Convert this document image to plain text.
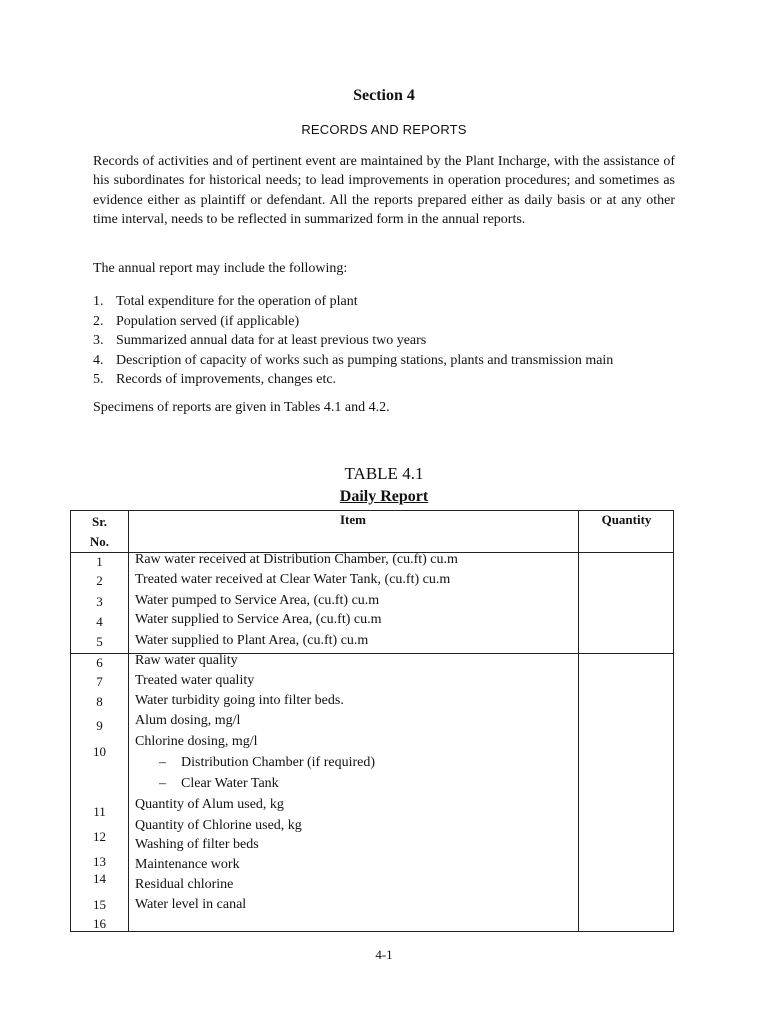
Section 4
RECORDS AND REPORTS

Records of activities and of pertinent event are maintained by the Plant Incharge, with the assistance of his subordinates for historical needs; to lead improvements in operation procedures; and sometimes as evidence either as plaintiff or defendant. All the reports prepared either as daily basis or at any other time interval, needs to be reflected in summarized form in the annual reports.

The annual report may include the following:

1. Total expenditure for the operation of plant
2. Population served (if applicable)
3. Summarized annual data for at least previous two years
4. Description of capacity of works such as pumping stations, plants and transmission main
5. Records of improvements, changes etc.

Specimens of reports are given in Tables 4.1 and 4.2.

TABLE 4.1
Daily Report
Sr.
No.
Item	Quantity
1
2
3
4
5
6
7
8
9
10
11
12
13
14
15
16
Raw water received at Distribution Chamber, (cu.ft) cu.m
Treated water received at Clear Water Tank, (cu.ft) cu.m
Water pumped to Service Area, (cu.ft) cu.m
Water supplied to Service Area, (cu.ft) cu.m
Water supplied to Plant Area, (cu.ft) cu.m
Raw water quality
Treated water quality
Water turbidity going into filter beds.
Alum dosing, mg/l
Chlorine dosing, mg/l
– Distribution Chamber (if required)
– Clear Water Tank
Quantity of Alum used, kg
Quantity of Chlorine used, kg
Washing of filter beds
Maintenance work
Residual chlorine
Water level in canal
4-1
